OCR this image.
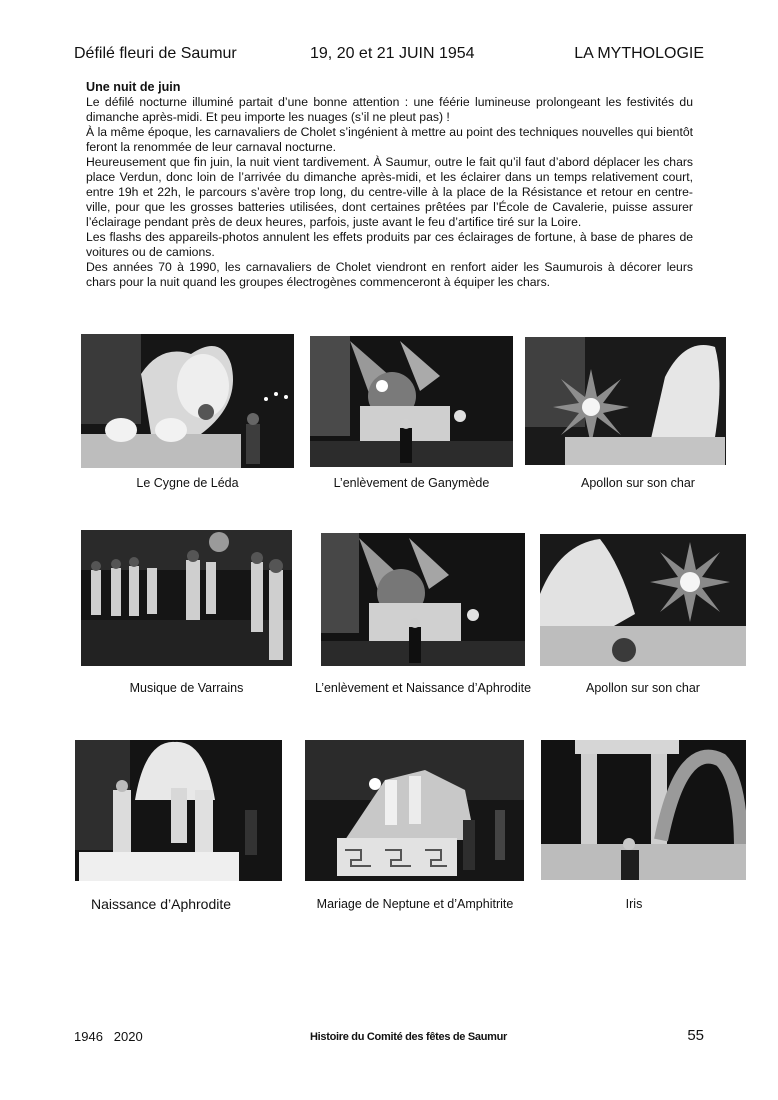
Défilé fleuri de Saumur	19, 20 et 21 JUIN 1954	LA MYTHOLOGIE
Une nuit de juin

Le défilé nocturne illuminé partait d’une bonne attention : une féérie lumineuse prolongeant les festivités du dimanche après-midi. Et peu importe les nuages (s’il ne pleut pas) !

À la même époque, les carnavaliers de Cholet s’ingénient à mettre au point des techniques nouvelles qui bientôt feront la renommée de leur carnaval nocturne.

Heureusement que fin juin, la nuit vient tardivement. À Saumur, outre le fait qu’il faut d’abord déplacer les chars place Verdun, donc loin de l’arrivée du dimanche après-midi, et les éclairer dans un temps relativement court, entre 19h et 22h, le parcours s’avère trop long, du centre-ville à la place de la Résistance et retour en centre-ville, pour que les grosses batteries utilisées, dont certaines prêtées par l’École de Cavalerie, puisse assurer l’éclairage pendant près de deux heures, parfois, juste avant le feu d’artifice tiré sur la Loire.

Les flashs des appareils-photos annulent les effets produits par ces éclairages de fortune, à base de phares de voitures ou de camions.

Des années 70 à 1990, les carnavaliers de Cholet viendront en renfort aider les Saumurois à décorer leurs chars pour la nuit quand les groupes électrogènes commenceront à équiper les chars.

Le Cygne de Léda	L’enlèvement de Ganymède	Apollon sur son char
Musique de Varrains	L’enlèvement et Naissance d’Aphrodite	Apollon sur son char
Naissance d’Aphrodite	Mariage de Neptune et d’Amphitrite	Iris
1946   2020	Histoire du Comité des fêtes de Saumur	55
